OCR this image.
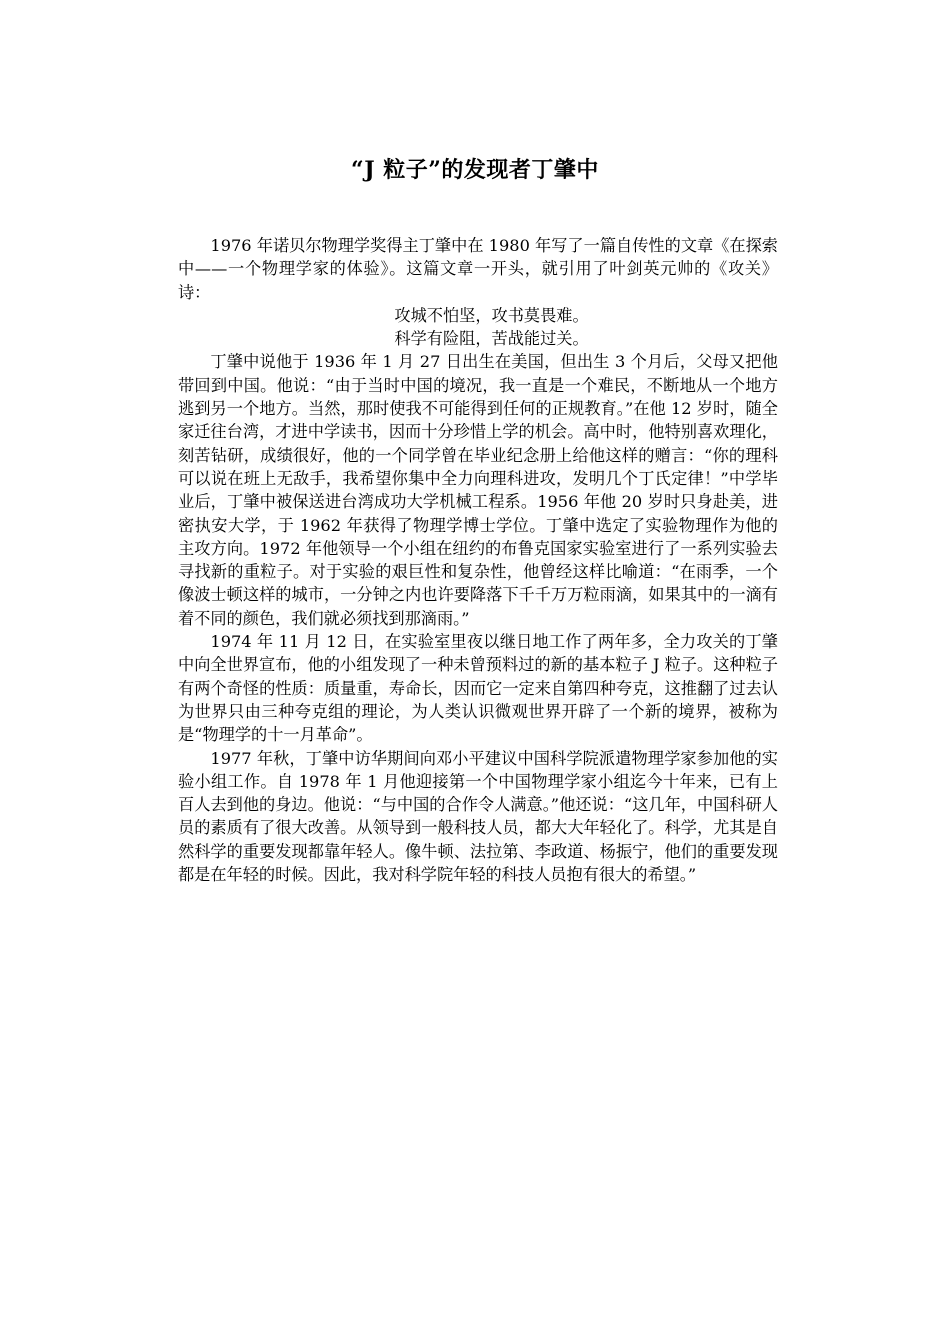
“J 粒子”的发现者丁肇中

1976 年诺贝尔物理学奖得主丁肇中在 1980 年写了一篇自传性的文章《在探索中——一个物理学家的体验》。这篇文章一开头，就引用了叶剑英元帅的《攻关》诗：

攻城不怕坚，攻书莫畏难。

科学有险阻，苦战能过关。

丁肇中说他于 1936 年 1 月 27 日出生在美国，但出生 3 个月后，父母又把他带回到中国。他说：“由于当时中国的境况，我一直是一个难民，不断地从一个地方逃到另一个地方。当然，那时使我不可能得到任何的正规教育。”在他 12 岁时，随全家迁往台湾，才进中学读书，因而十分珍惜上学的机会。高中时，他特别喜欢理化，刻苦钻研，成绩很好，他的一个同学曾在毕业纪念册上给他这样的赠言：“你的理科可以说在班上无敌手，我希望你集中全力向理科进攻，发明几个丁氏定律！”中学毕业后，丁肇中被保送进台湾成功大学机械工程系。1956 年他 20 岁时只身赴美，进密执安大学，于 1962 年获得了物理学博士学位。丁肇中选定了实验物理作为他的主攻方向。1972 年他领导一个小组在纽约的布鲁克国家实验室进行了一系列实验去寻找新的重粒子。对于实验的艰巨性和复杂性，他曾经这样比喻道：“在雨季，一个像波士顿这样的城市，一分钟之内也许要降落下千千万万粒雨滴，如果其中的一滴有着不同的颜色，我们就必须找到那滴雨。”

1974 年 11 月 12 日，在实验室里夜以继日地工作了两年多，全力攻关的丁肇中向全世界宣布，他的小组发现了一种未曾预料过的新的基本粒子 J 粒子。这种粒子有两个奇怪的性质：质量重，寿命长，因而它一定来自第四种夸克，这推翻了过去认为世界只由三种夸克组的理论，为人类认识微观世界开辟了一个新的境界，被称为是“物理学的十一月革命”。

1977 年秋，丁肇中访华期间向邓小平建议中国科学院派遣物理学家参加他的实验小组工作。自 1978 年 1 月他迎接第一个中国物理学家小组迄今十年来，已有上百人去到他的身边。他说：“与中国的合作令人满意。”他还说：“这几年，中国科研人员的素质有了很大改善。从领导到一般科技人员，都大大年轻化了。科学，尤其是自然科学的重要发现都靠年轻人。像牛顿、法拉第、李政道、杨振宁，他们的重要发现都是在年轻的时候。因此，我对科学院年轻的科技人员抱有很大的希望。”
